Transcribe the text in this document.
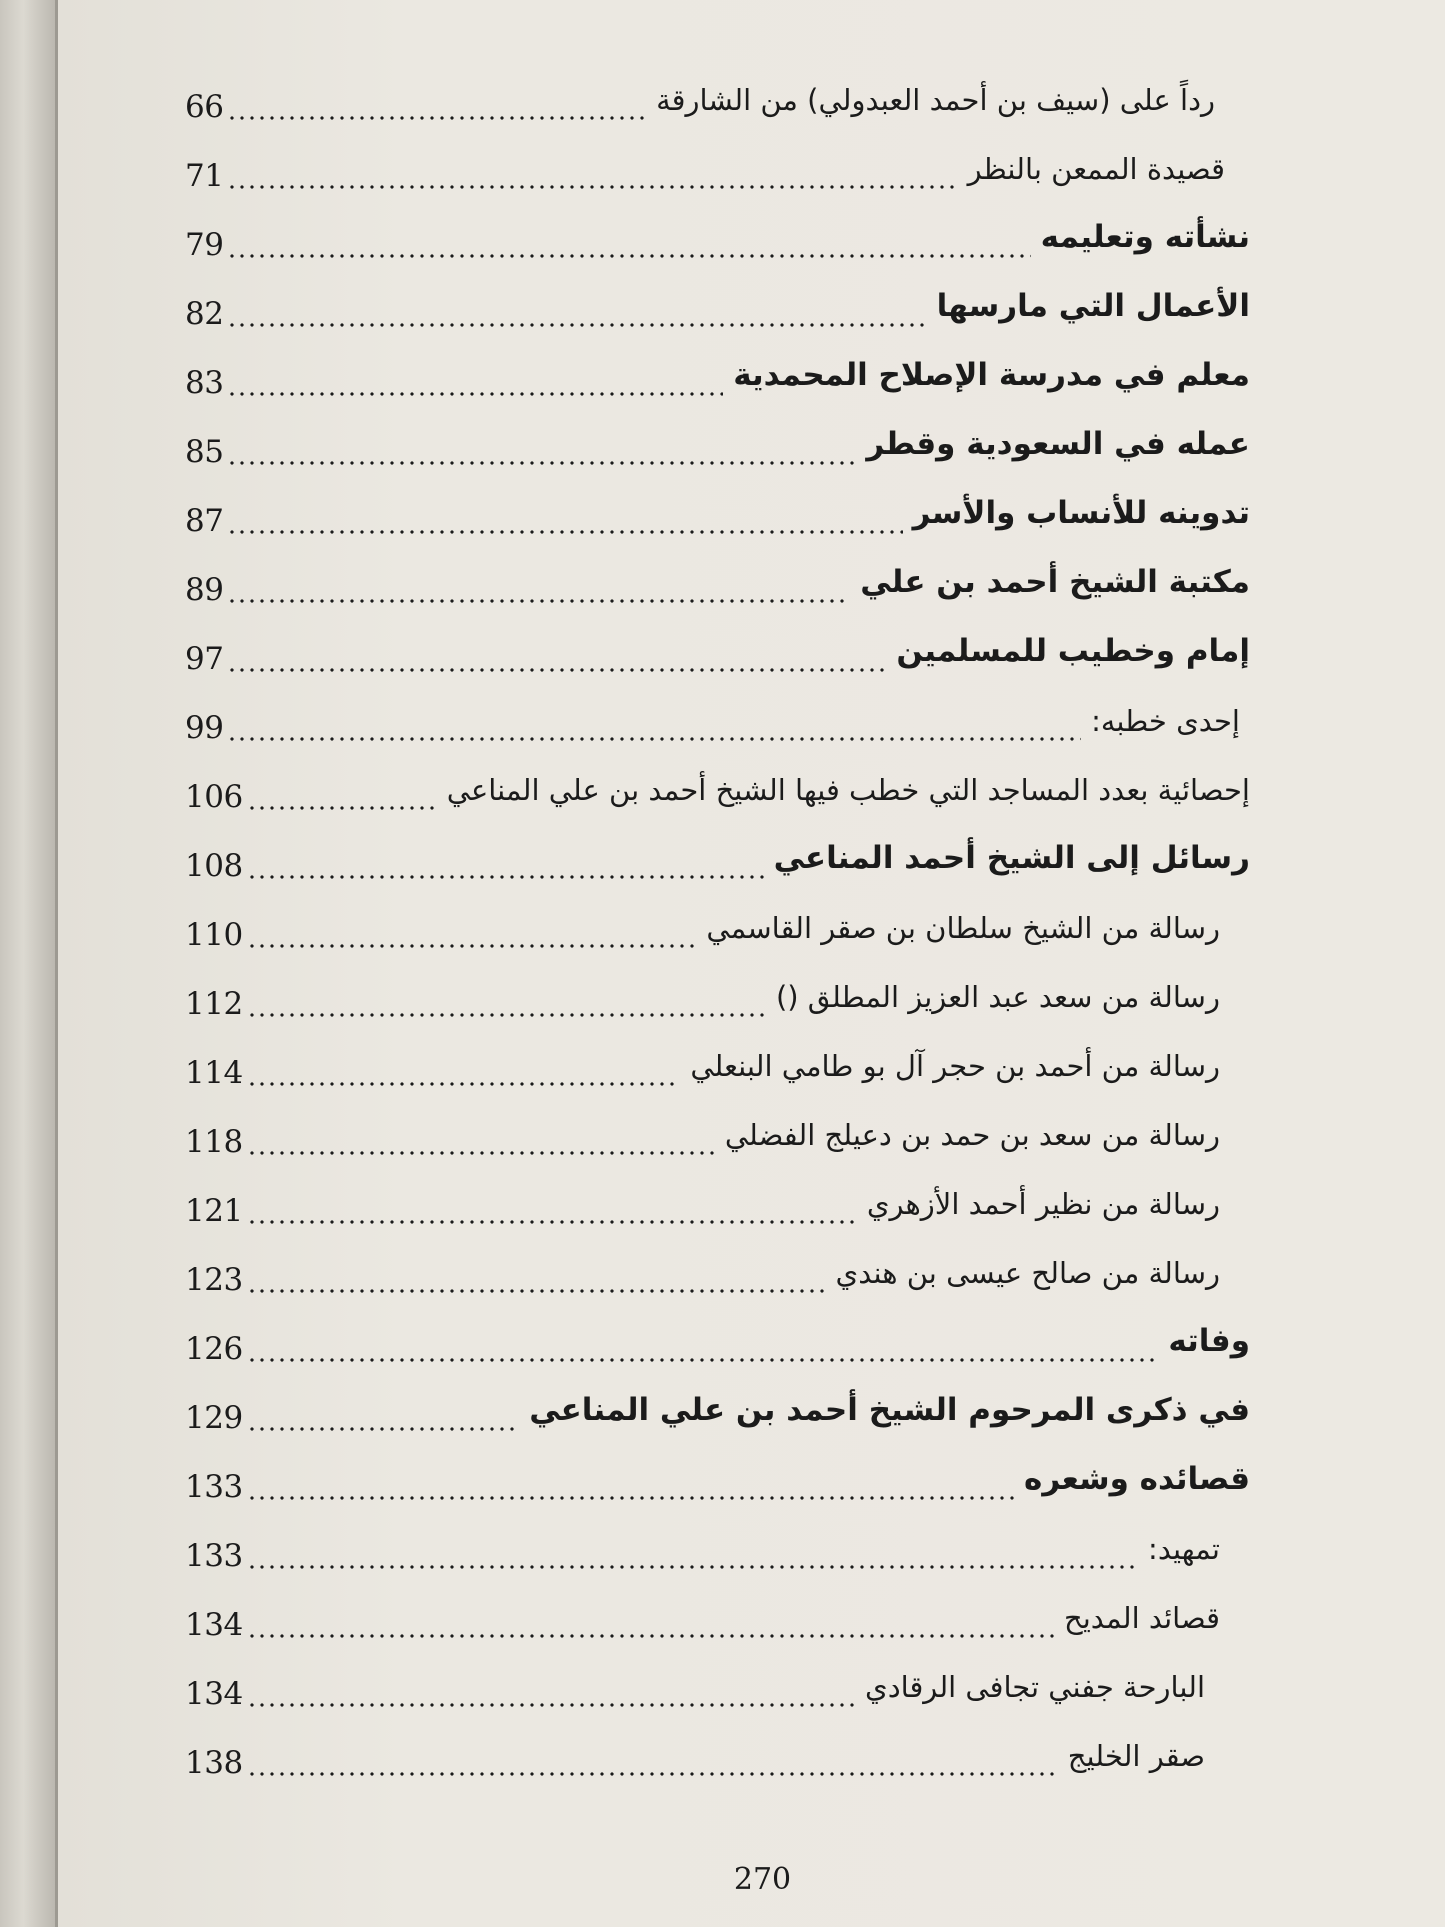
66	رداً على (سيف بن أحمد العبدولي) من الشارقة
71	قصيدة الممعن بالنظر
79	نشأته وتعليمه
82	الأعمال التي مارسها
83	معلم في مدرسة الإصلاح المحمدية
85	عمله في السعودية وقطر
87	تدوينه للأنساب والأسر
89	مكتبة الشيخ أحمد بن علي
97	إمام وخطيب للمسلمين
99	إحدى خطبه:
106	إحصائية بعدد المساجد التي خطب فيها الشيخ أحمد بن علي المناعي
108	رسائل إلى الشيخ أحمد المناعي
110	رسالة من الشيخ سلطان بن صقر القاسمي
112	رسالة من سعد عبد العزيز المطلق ()
114	رسالة من أحمد بن حجر آل بو طامي البنعلي
118	رسالة من سعد بن حمد بن دعيلج الفضلي
121	رسالة من نظير أحمد الأزهري
123	رسالة من صالح عيسى بن هندي
126	وفاته
129	في ذكرى المرحوم الشيخ أحمد بن علي المناعي
133	قصائده وشعره
133	تمهيد:
134	قصائد المديح
134	البارحة جفني تجافى الرقادي
138	صقر الخليج
270
